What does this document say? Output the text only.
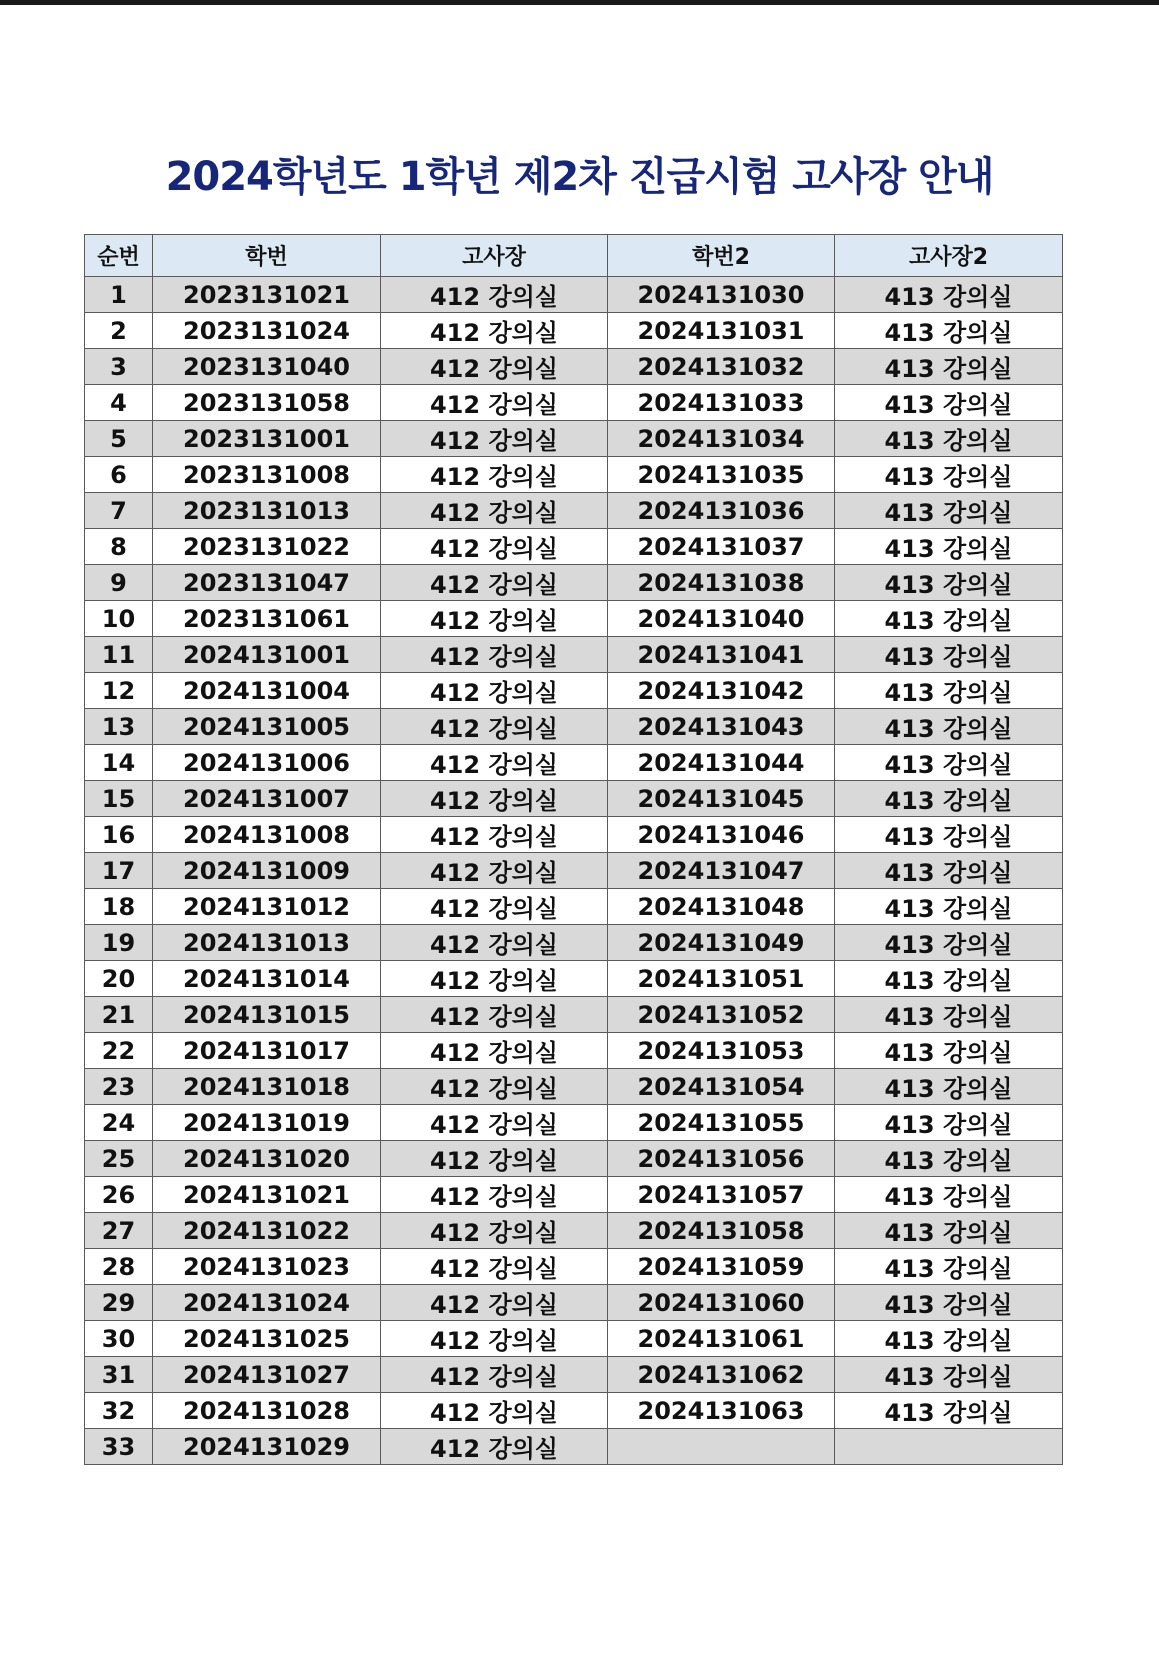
2024학년도 1학년 제2차 진급시험 고사장 안내
순번	학번	고사장	학번2	고사장2
1	2023131021	412 강의실	2024131030	413 강의실
2	2023131024	412 강의실	2024131031	413 강의실
3	2023131040	412 강의실	2024131032	413 강의실
4	2023131058	412 강의실	2024131033	413 강의실
5	2023131001	412 강의실	2024131034	413 강의실
6	2023131008	412 강의실	2024131035	413 강의실
7	2023131013	412 강의실	2024131036	413 강의실
8	2023131022	412 강의실	2024131037	413 강의실
9	2023131047	412 강의실	2024131038	413 강의실
10	2023131061	412 강의실	2024131040	413 강의실
11	2024131001	412 강의실	2024131041	413 강의실
12	2024131004	412 강의실	2024131042	413 강의실
13	2024131005	412 강의실	2024131043	413 강의실
14	2024131006	412 강의실	2024131044	413 강의실
15	2024131007	412 강의실	2024131045	413 강의실
16	2024131008	412 강의실	2024131046	413 강의실
17	2024131009	412 강의실	2024131047	413 강의실
18	2024131012	412 강의실	2024131048	413 강의실
19	2024131013	412 강의실	2024131049	413 강의실
20	2024131014	412 강의실	2024131051	413 강의실
21	2024131015	412 강의실	2024131052	413 강의실
22	2024131017	412 강의실	2024131053	413 강의실
23	2024131018	412 강의실	2024131054	413 강의실
24	2024131019	412 강의실	2024131055	413 강의실
25	2024131020	412 강의실	2024131056	413 강의실
26	2024131021	412 강의실	2024131057	413 강의실
27	2024131022	412 강의실	2024131058	413 강의실
28	2024131023	412 강의실	2024131059	413 강의실
29	2024131024	412 강의실	2024131060	413 강의실
30	2024131025	412 강의실	2024131061	413 강의실
31	2024131027	412 강의실	2024131062	413 강의실
32	2024131028	412 강의실	2024131063	413 강의실
33	2024131029	412 강의실		
